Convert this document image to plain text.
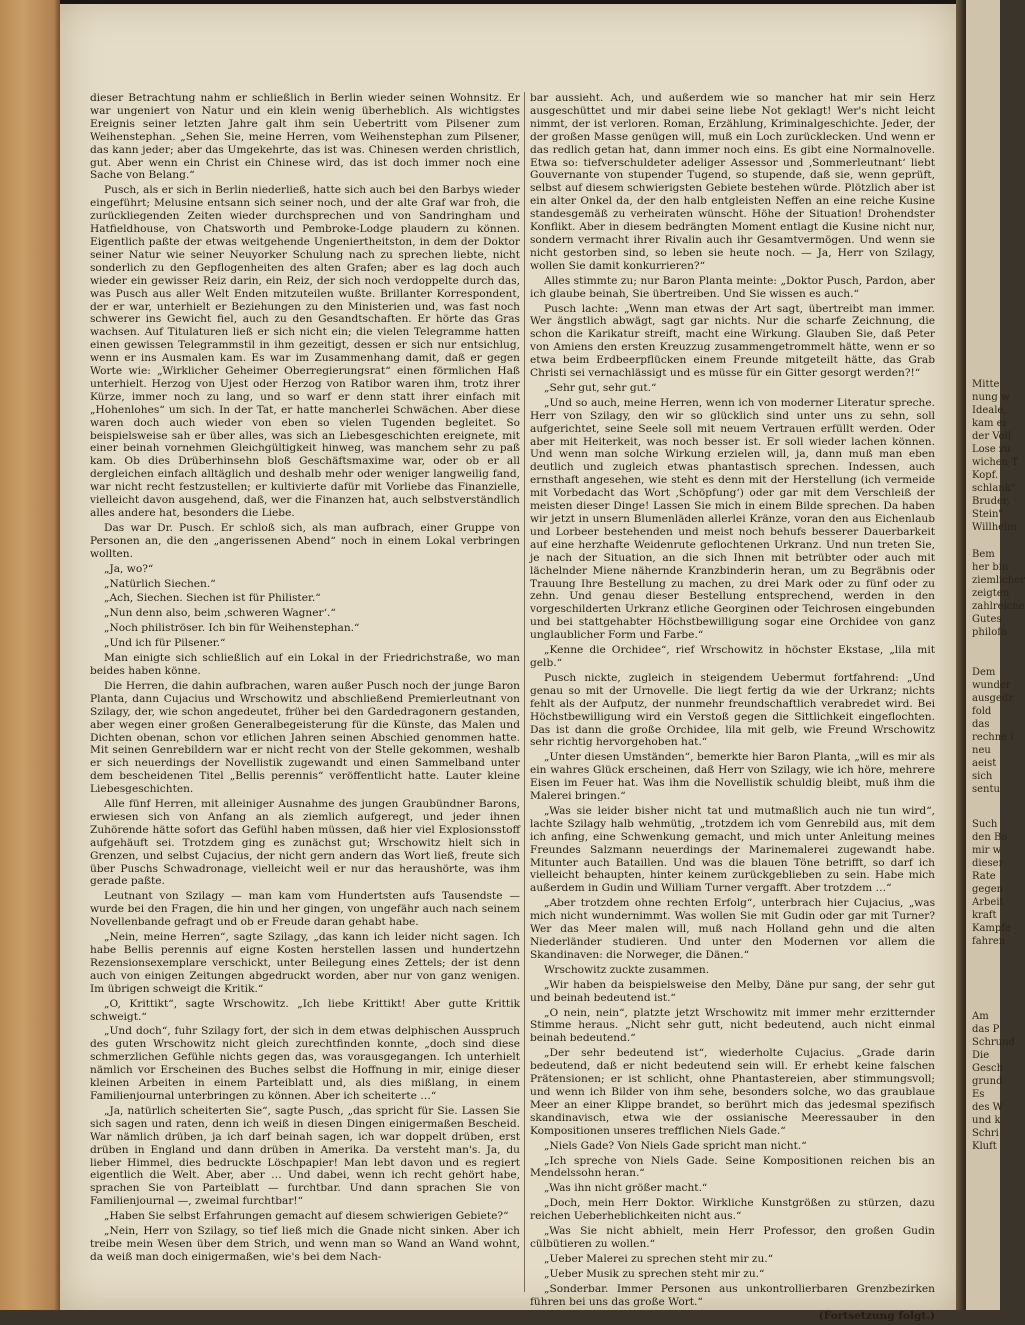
dieser Betrachtung nahm er schließlich in Berlin wieder seinen Wohnsitz. Er war ungeniert von Natur und ein klein wenig überheblich. Als wichtigstes Ereignis seiner letzten Jahre galt ihm sein Uebertritt vom Pilsener zum Weihenstephan. „Sehen Sie, meine Herren, vom Weihenstephan zum Pilsener, das kann jeder; aber das Umgekehrte, das ist was. Chinesen werden christlich, gut. Aber wenn ein Christ ein Chinese wird, das ist doch immer noch eine Sache von Belang.“

Pusch, als er sich in Berlin niederließ, hatte sich auch bei den Barbys wieder eingeführt; Melusine entsann sich seiner noch, und der alte Graf war froh, die zurückliegenden Zeiten wieder durchsprechen und von Sandringham und Hatfieldhouse, von Chatsworth und Pembroke-Lodge plaudern zu können. Eigentlich paßte der etwas weitgehende Ungeniertheitston, in dem der Doktor seiner Natur wie seiner Neuyorker Schulung nach zu sprechen liebte, nicht sonderlich zu den Gepflogenheiten des alten Grafen; aber es lag doch auch wieder ein gewisser Reiz darin, ein Reiz, der sich noch verdoppelte durch das, was Pusch aus aller Welt Enden mitzuteilen wußte. Brillanter Korrespondent, der er war, unterhielt er Beziehungen zu den Ministerien und, was fast noch schwerer ins Gewicht fiel, auch zu den Gesandtschaften. Er hörte das Gras wachsen. Auf Titulaturen ließ er sich nicht ein; die vielen Telegramme hatten einen gewissen Telegrammstil in ihm gezeitigt, dessen er sich nur entsichlug, wenn er ins Ausmalen kam. Es war im Zusammenhang damit, daß er gegen Worte wie: „Wirklicher Geheimer Oberregierungsrat“ einen förmlichen Haß unterhielt. Herzog von Ujest oder Herzog von Ratibor waren ihm, trotz ihrer Kürze, immer noch zu lang, und so warf er denn statt ihrer einfach mit „Hohenlohes“ um sich. In der Tat, er hatte mancherlei Schwächen. Aber diese waren doch auch wieder von eben so vielen Tugenden begleitet. So beispielsweise sah er über alles, was sich an Liebesgeschichten ereignete, mit einer beinah vornehmen Gleichgültigkeit hinweg, was manchem sehr zu paß kam. Ob dies Drüberhinsehn bloß Geschäftsmaxime war, oder ob er all dergleichen einfach alltäglich und deshalb mehr oder weniger langweilig fand, war nicht recht festzustellen; er kultivierte dafür mit Vorliebe das Finanzielle, vielleicht davon ausgehend, daß, wer die Finanzen hat, auch selbstverständlich alles andere hat, besonders die Liebe.

Das war Dr. Pusch. Er schloß sich, als man aufbrach, einer Gruppe von Personen an, die den „angerissenen Abend“ noch in einem Lokal verbringen wollten.

„Ja, wo?“

„Natürlich Siechen.“

„Ach, Siechen. Siechen ist für Philister.“

„Nun denn also, beim ‚schweren Wagner‘.“

„Noch philiströser. Ich bin für Weihenstephan.“

„Und ich für Pilsener.“

Man einigte sich schließlich auf ein Lokal in der Friedrichstraße, wo man beides haben könne.

Die Herren, die dahin aufbrachen, waren außer Pusch noch der junge Baron Planta, dann Cujacius und Wrschowitz und abschließend Premierleutnant von Szilagy, der, wie schon angedeutet, früher bei den Gardedragonern gestanden, aber wegen einer großen Generalbegeisterung für die Künste, das Malen und Dichten obenan, schon vor etlichen Jahren seinen Abschied genommen hatte. Mit seinen Genrebildern war er nicht recht von der Stelle gekommen, weshalb er sich neuerdings der Novellistik zugewandt und einen Sammelband unter dem bescheidenen Titel „Bellis perennis“ veröffentlicht hatte. Lauter kleine Liebesgeschichten.

Alle fünf Herren, mit alleiniger Ausnahme des jungen Graubündner Barons, erwiesen sich von Anfang an als ziemlich aufgeregt, und jeder ihnen Zuhörende hätte sofort das Gefühl haben müssen, daß hier viel Explosionsstoff aufgehäuft sei. Trotzdem ging es zunächst gut; Wrschowitz hielt sich in Grenzen, und selbst Cujacius, der nicht gern andern das Wort ließ, freute sich über Puschs Schwadronage, vielleicht weil er nur das heraushörte, was ihm gerade paßte.

Leutnant von Szilagy — man kam vom Hundertsten aufs Tausendste — wurde bei den Fragen, die hin und her gingen, von ungefähr auch nach seinem Novellenbande gefragt und ob er Freude daran gehabt habe.

„Nein, meine Herren“, sagte Szilagy, „das kann ich leider nicht sagen. Ich habe Bellis perennis auf eigne Kosten herstellen lassen und hundertzehn Rezensionsexemplare verschickt, unter Beilegung eines Zettels; der ist denn auch von einigen Zeitungen abgedruckt worden, aber nur von ganz wenigen. Im übrigen schweigt die Kritik.“

„O, Krittikt“, sagte Wrschowitz. „Ich liebe Krittikt! Aber gutte Krittik schweigt.“

„Und doch“, fuhr Szilagy fort, der sich in dem etwas delphischen Ausspruch des guten Wrschowitz nicht gleich zurechtfinden konnte, „doch sind diese schmerzlichen Gefühle nichts gegen das, was vorausgegangen. Ich unterhielt nämlich vor Erscheinen des Buches selbst die Hoffnung in mir, einige dieser kleinen Arbeiten in einem Parteiblatt und, als dies mißlang, in einem Familienjournal unterbringen zu können. Aber ich scheiterte …“

„Ja, natürlich scheiterten Sie“, sagte Pusch, „das spricht für Sie. Lassen Sie sich sagen und raten, denn ich weiß in diesen Dingen einigermaßen Bescheid. War nämlich drüben, ja ich darf beinah sagen, ich war doppelt drüben, erst drüben in England und dann drüben in Amerika. Da versteht man's. Ja, du lieber Himmel, dies bedruckte Löschpapier! Man lebt davon und es regiert eigentlich die Welt. Aber, aber … Und dabei, wenn ich recht gehört habe, sprachen Sie von Parteiblatt — furchtbar. Und dann sprachen Sie von Familienjournal —, zweimal furchtbar!“

„Haben Sie selbst Erfahrungen gemacht auf diesem schwierigen Gebiete?“

„Nein, Herr von Szilagy, so tief ließ mich die Gnade nicht sinken. Aber ich treibe mein Wesen über dem Strich, und wenn man so Wand an Wand wohnt, da weiß man doch einigermaßen, wie's bei dem Nach-

bar aussieht. Ach, und außerdem wie so mancher hat mir sein Herz ausgeschüttet und mir dabei seine liebe Not geklagt! Wer's nicht leicht nimmt, der ist verloren. Roman, Erzählung, Kriminalgeschichte. Jeder, der der großen Masse genügen will, muß ein Loch zurücklecken. Und wenn er das redlich getan hat, dann immer noch eins. Es gibt eine Normalnovelle. Etwa so: tiefverschuldeter adeliger Assessor und ‚Sommerleutnant‘ liebt Gouvernante von stupender Tugend, so stupende, daß sie, wenn geprüft, selbst auf diesem schwierigsten Gebiete bestehen würde. Plötzlich aber ist ein alter Onkel da, der den halb entgleisten Neffen an eine reiche Kusine standesgemäß zu verheiraten wünscht. Höhe der Situation! Drohendster Konflikt. Aber in diesem bedrängten Moment entlagt die Kusine nicht nur, sondern vermacht ihrer Rivalin auch ihr Gesamtvermögen. Und wenn sie nicht gestorben sind, so leben sie heute noch. — Ja, Herr von Szilagy, wollen Sie damit konkurrieren?“

Alles stimmte zu; nur Baron Planta meinte: „Doktor Pusch, Pardon, aber ich glaube beinah, Sie übertreiben. Und Sie wissen es auch.“

Pusch lachte: „Wenn man etwas der Art sagt, übertreibt man immer. Wer ängstlich abwägt, sagt gar nichts. Nur die scharfe Zeichnung, die schon die Karikatur streift, macht eine Wirkung. Glauben Sie, daß Peter von Amiens den ersten Kreuzzug zusammengetrommelt hätte, wenn er so etwa beim Erdbeerpflücken einem Freunde mitgeteilt hätte, das Grab Christi sei vernachlässigt und es müsse für ein Gitter gesorgt werden?!“

„Sehr gut, sehr gut.“

„Und so auch, meine Herren, wenn ich von moderner Literatur spreche. Herr von Szilagy, den wir so glücklich sind unter uns zu sehn, soll aufgerichtet, seine Seele soll mit neuem Vertrauen erfüllt werden. Oder aber mit Heiterkeit, was noch besser ist. Er soll wieder lachen können. Und wenn man solche Wirkung erzielen will, ja, dann muß man eben deutlich und zugleich etwas phantastisch sprechen. Indessen, auch ernsthaft angesehen, wie steht es denn mit der Herstellung (ich vermeide mit Vorbedacht das Wort ‚Schöpfung‘) oder gar mit dem Verschleiß der meisten dieser Dinge! Lassen Sie mich in einem Bilde sprechen. Da haben wir jetzt in unsern Blumenläden allerlei Kränze, voran den aus Eichenlaub und Lorbeer bestehenden und meist noch behufs besserer Dauerbarkeit auf eine herzhafte Weidenrute geflochtenen Urkranz. Und nun treten Sie, je nach der Situation, an die sich Ihnen mit betrübter oder auch mit lächelnder Miene nähernde Kranzbinderin heran, um zu Begräbnis oder Trauung Ihre Bestellung zu machen, zu drei Mark oder zu fünf oder zu zehn. Und genau dieser Bestellung entsprechend, werden in den vorgeschilderten Urkranz etliche Georginen oder Teichrosen eingebunden und bei stattgehabter Höchstbewilligung sogar eine Orchidee von ganz unglaublicher Form und Farbe.“

„Kenne die Orchidee“, rief Wrschowitz in höchster Ekstase, „lila mit gelb.“

Pusch nickte, zugleich in steigendem Uebermut fortfahrend: „Und genau so mit der Urnovelle. Die liegt fertig da wie der Urkranz; nichts fehlt als der Aufputz, der nunmehr freundschaftlich verabredet wird. Bei Höchstbewilligung wird ein Verstoß gegen die Sittlichkeit eingeflochten. Das ist dann die große Orchidee, lila mit gelb, wie Freund Wrschowitz sehr richtig hervorgehoben hat.“

„Unter diesen Umständen“, bemerkte hier Baron Planta, „will es mir als ein wahres Glück erscheinen, daß Herr von Szilagy, wie ich höre, mehrere Eisen im Feuer hat. Was ihm die Novellistik schuldig bleibt, muß ihm die Malerei bringen.“

„Was sie leider bisher nicht tat und mutmaßlich auch nie tun wird“, lachte Szilagy halb wehmütig, „trotzdem ich vom Genrebild aus, mit dem ich anfing, eine Schwenkung gemacht, und mich unter Anleitung meines Freundes Salzmann neuerdings der Marinemalerei zugewandt habe. Mitunter auch Bataillen. Und was die blauen Töne betrifft, so darf ich vielleicht behaupten, hinter keinem zurückgeblieben zu sein. Habe mich außerdem in Gudin und William Turner vergafft. Aber trotzdem …“

„Aber trotzdem ohne rechten Erfolg“, unterbrach hier Cujacius, „was mich nicht wundernimmt. Was wollen Sie mit Gudin oder gar mit Turner? Wer das Meer malen will, muß nach Holland gehn und die alten Niederländer studieren. Und unter den Modernen vor allem die Skandinaven: die Norweger, die Dänen.“

Wrschowitz zuckte zusammen.

„Wir haben da beispielsweise den Melby, Däne pur sang, der sehr gut und beinah bedeutend ist.“

„O nein, nein“, platzte jetzt Wrschowitz mit immer mehr erzitternder Stimme heraus. „Nicht sehr gutt, nicht bedeutend, auch nicht einmal beinah bedeutend.“

„Der sehr bedeutend ist“, wiederholte Cujacius. „Grade darin bedeutend, daß er nicht bedeutend sein will. Er erhebt keine falschen Prätensionen; er ist schlicht, ohne Phantastereien, aber stimmungsvoll; und wenn ich Bilder von ihm sehe, besonders solche, wo das graublaue Meer an einer Klippe brandet, so berührt mich das jedesmal spezifisch skandinavisch, etwa wie der ossianische Meeressauber in den Kompositionen unseres trefflichen Niels Gade.“

„Niels Gade? Von Niels Gade spricht man nicht.“

„Ich spreche von Niels Gade. Seine Kompositionen reichen bis an Mendelssohn heran.“

„Was ihn nicht größer macht.“

„Doch, mein Herr Doktor. Wirkliche Kunstgrößen zu stürzen, dazu reichen Ueberheblichkeiten nicht aus.“

„Was Sie nicht abhielt, mein Herr Professor, den großen Gudin cülbütieren zu wollen.“

„Ueber Malerei zu sprechen steht mir zu.“

„Ueber Musik zu sprechen steht mir zu.“

„Sonderbar. Immer Personen aus unkontrollierbaren Grenzbezirken führen bei uns das große Wort.“

(Fortsetzung folgt.)

Mitte
nung w
Ideale,
kam ei
der Voll
Lose zu
wichen T
Kopf.
schlank"
Bruder,
Stein"
Willhelm
Bem
her bin
ziemlicher
zeigten
zahlreiche
Gutes
philofo
Dem
wunder
ausgedr
fold
das
rechne i
neu
aeist
sich
sentu
Such
den Bo
mir w
dieser
Rate
gegen
Arbeit
kraft
Kampfe
fahren
Am
das P
Schrund
Die
Gesch
grund
Es
des W
und k
Schri
Kluft
